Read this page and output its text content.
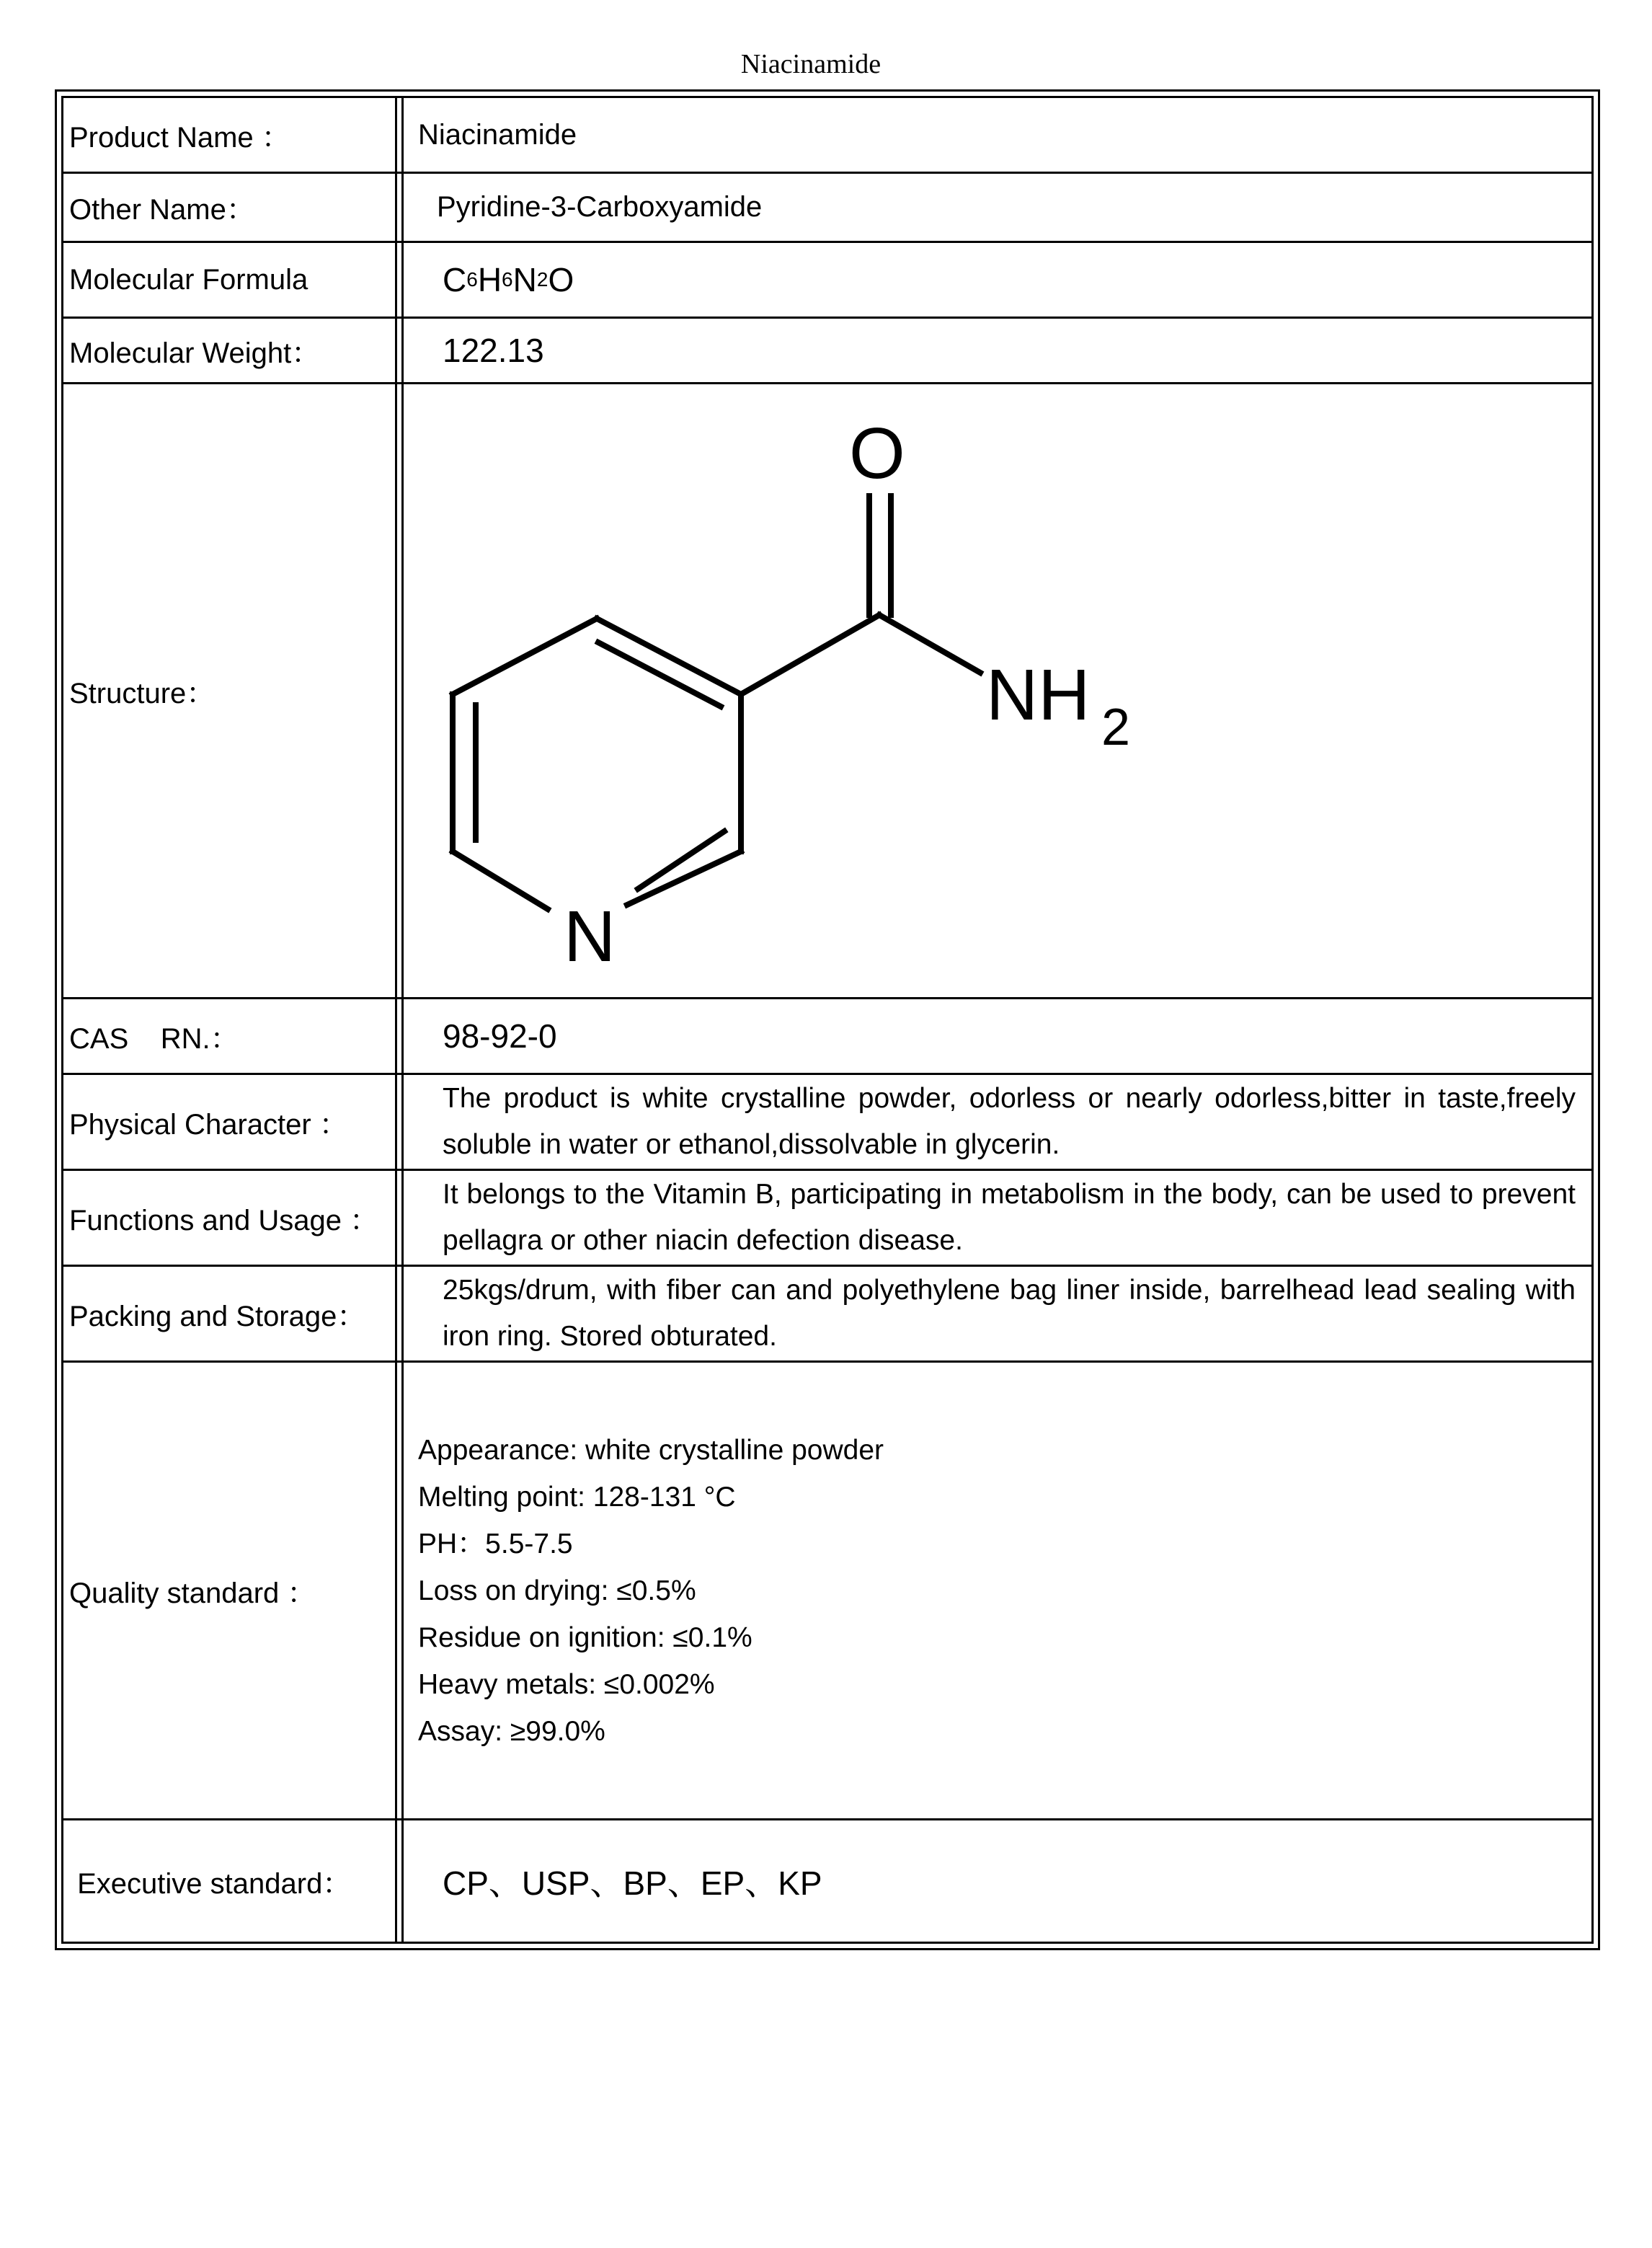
Niacinamide
Product Name ：	Niacinamide
Other Name：	Pyridine-3-Carboxyamide
Molecular Formula	C 6 H 6 N 2 O
Molecular Weight：	122.13
Structure：
O
NH 2
N
CAS    RN.：	98-92-0
Physical Character ：
The product is white crystalline powder, odorless or nearly odorless,bitter in taste,freely soluble in water or ethanol,dissolvable in glycerin.
Functions and Usage ：
It belongs to the Vitamin B, participating in metabolism in the body, can be used to prevent pellagra or other niacin defection disease.
Packing and Storage：
25kgs/drum, with fiber can and polyethylene bag liner inside, barrelhead lead sealing with iron ring. Stored obturated.
Quality standard ：
Appearance: white crystalline powder
Melting point: 128-131 °C
PH：5.5-7.5
Loss on drying: ≤0.5%
Residue on ignition: ≤0.1%
Heavy metals: ≤0.002%
Assay: ≥99.0%
Executive standard：	CP、USP、BP、EP、KP
